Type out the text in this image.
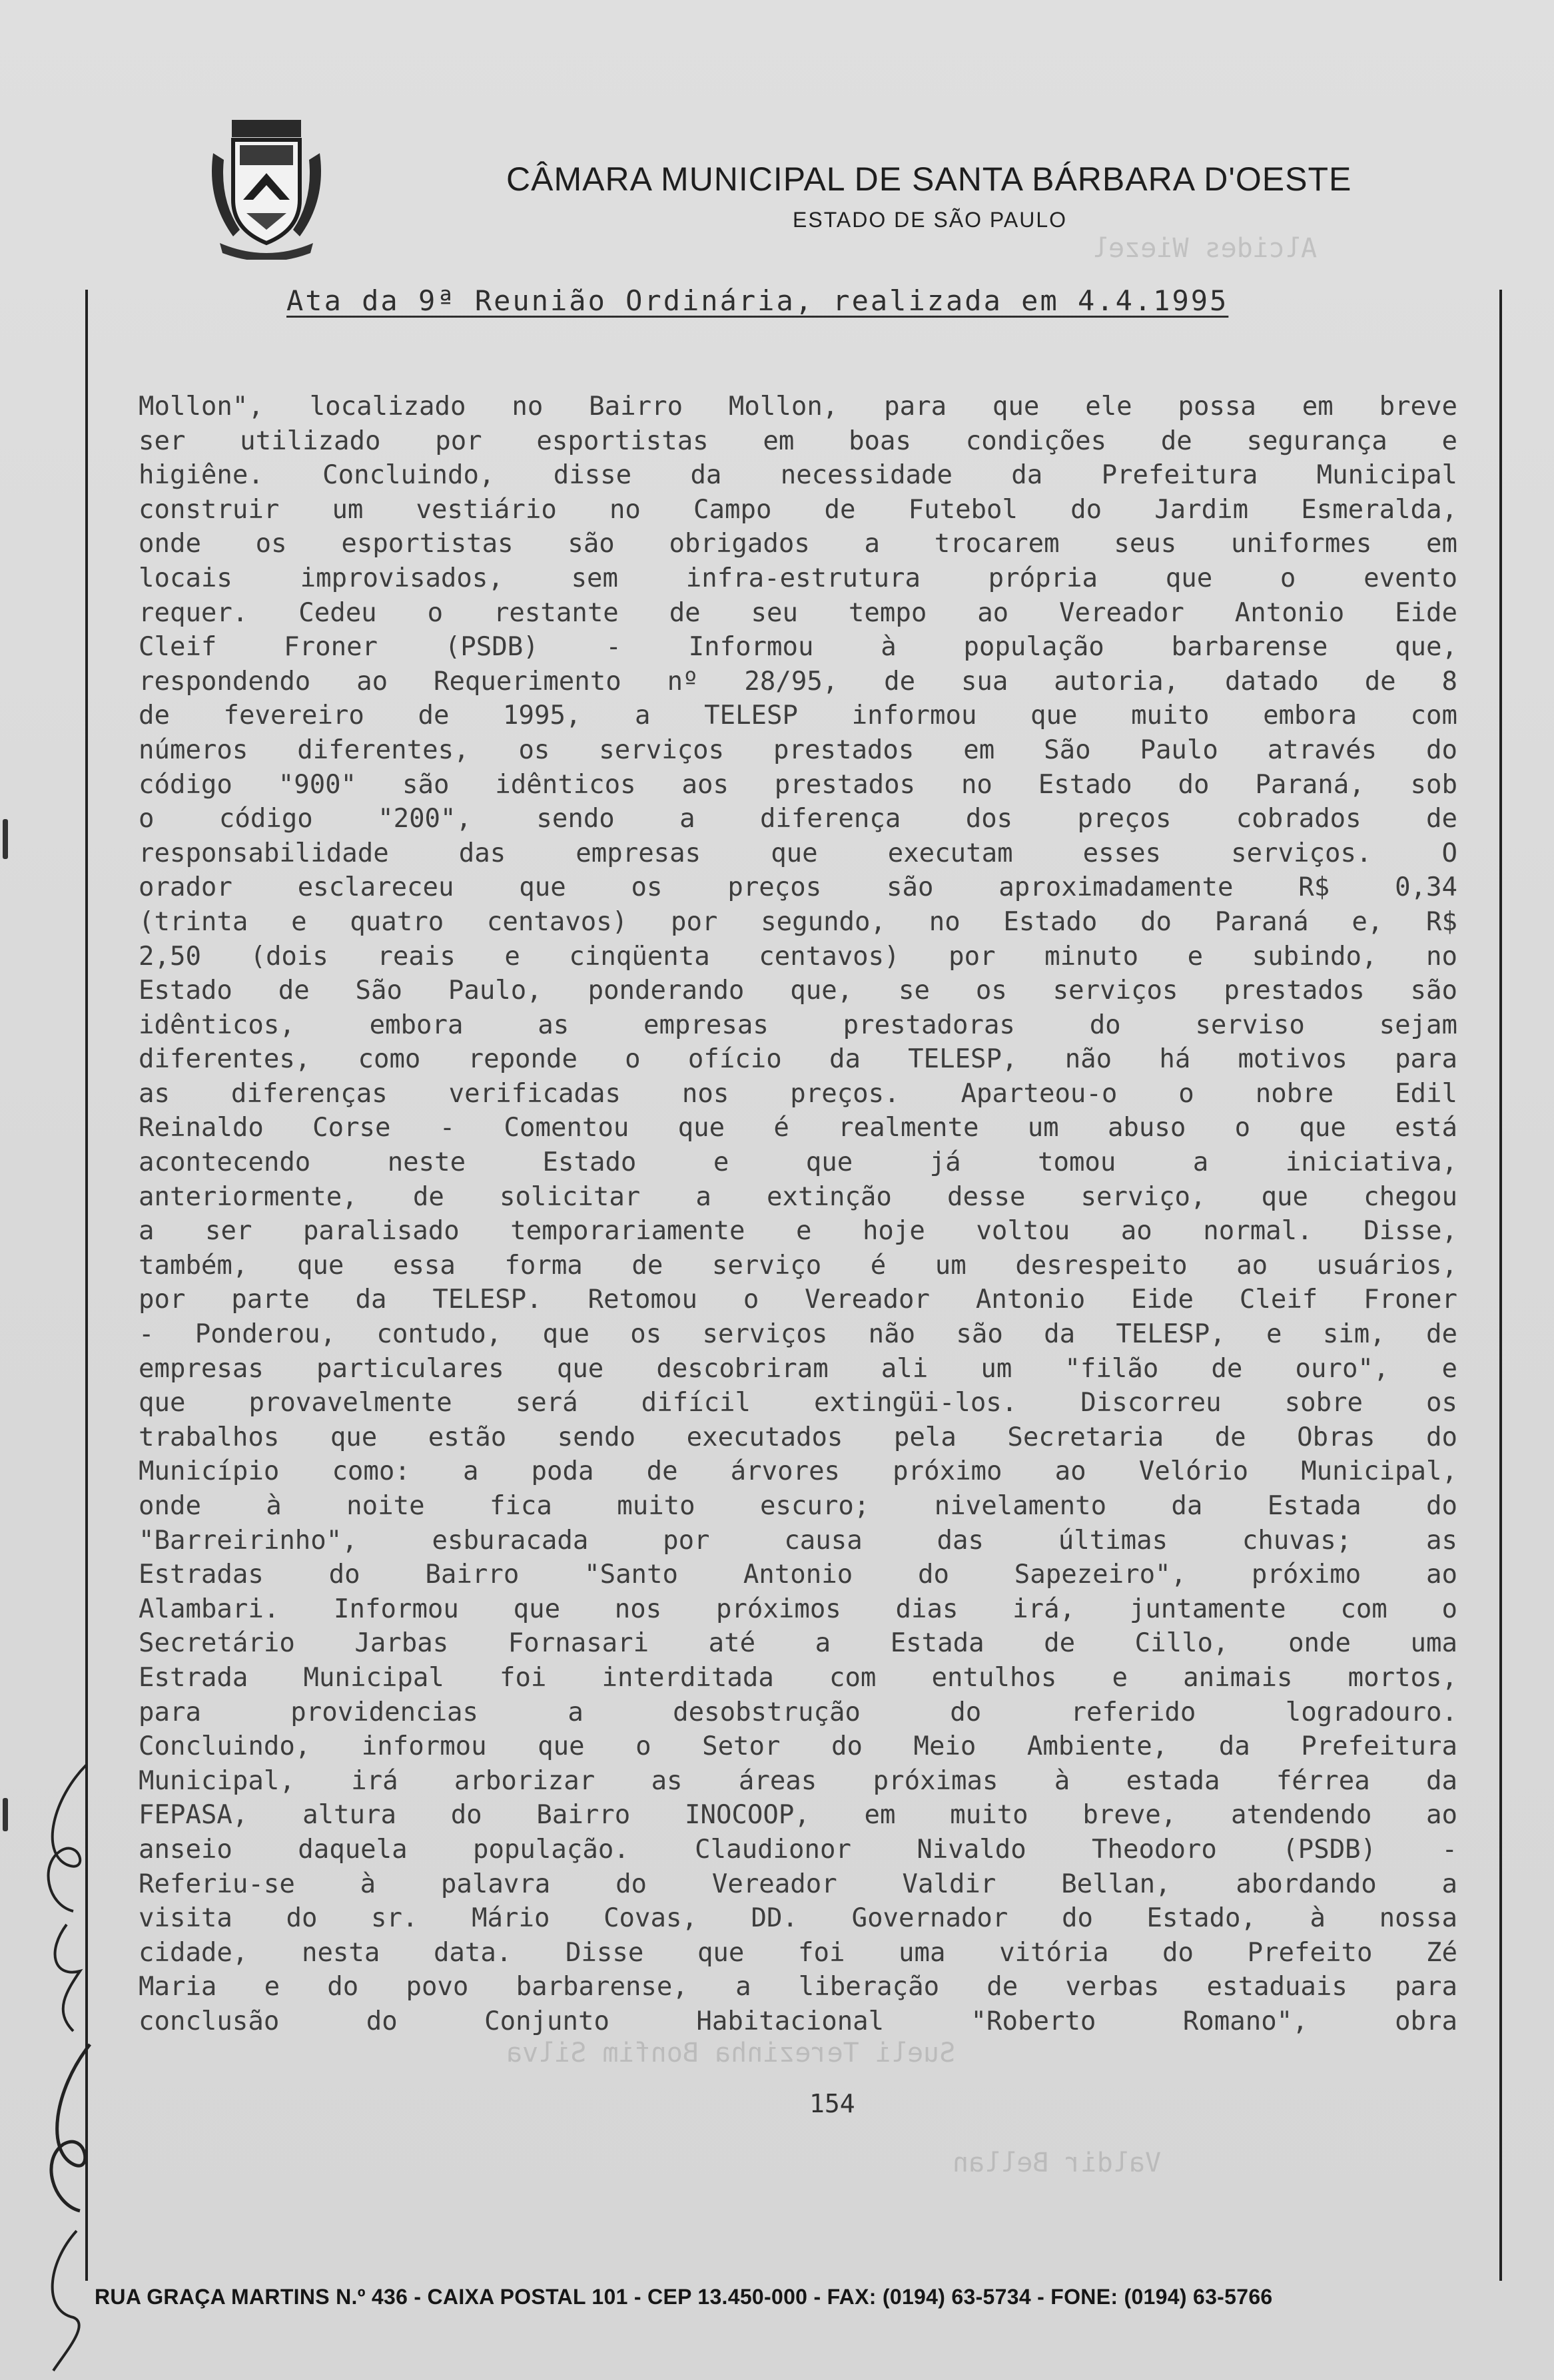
CÂMARA MUNICIPAL DE SANTA BÁRBARA D'OESTE
ESTADO DE SÃO PAULO
Ata da 9ª Reunião Ordinária, realizada em 4.4.1995
Alcides Wiezel
Sueli Terezinha Bonfim Silva
Valdir Bellan
Mollon", localizado no Bairro Mollon, para que ele possa em breve
ser utilizado por esportistas em boas condições de segurança e
higiêne. Concluindo, disse da necessidade da Prefeitura Municipal
construir um vestiário no Campo de Futebol do Jardim Esmeralda,
onde os esportistas são obrigados a trocarem seus uniformes em
locais improvisados, sem infra-estrutura própria que o evento
requer. Cedeu o restante de seu tempo ao Vereador Antonio Eide
Cleif Froner (PSDB) - Informou à população barbarense que,
respondendo ao Requerimento nº 28/95, de sua autoria, datado de 8
de fevereiro de 1995, a TELESP informou que muito embora com
números diferentes, os serviços prestados em São Paulo através do
código "900" são idênticos aos prestados no Estado do Paraná, sob
o código "200", sendo a diferença dos preços cobrados de
responsabilidade das empresas que executam esses serviços. O
orador esclareceu que os preços são aproximadamente R$ 0,34
(trinta e quatro centavos) por segundo, no Estado do Paraná e, R$
2,50 (dois reais e cinqüenta centavos) por minuto e subindo, no
Estado de São Paulo, ponderando que, se os serviços prestados são
idênticos, embora as empresas prestadoras do serviso sejam
diferentes, como reponde o ofício da TELESP, não há motivos para
as diferenças verificadas nos preços. Aparteou-o o nobre Edil
Reinaldo Corse - Comentou que é realmente um abuso o que está
acontecendo neste Estado e que já tomou a iniciativa,
anteriormente, de solicitar a extinção desse serviço, que chegou
a ser paralisado temporariamente e hoje voltou ao normal. Disse,
também, que essa forma de serviço é um desrespeito ao usuários,
por parte da TELESP. Retomou o Vereador Antonio Eide Cleif Froner
- Ponderou, contudo, que os serviços não são da TELESP, e sim, de
empresas particulares que descobriram ali um "filão de ouro", e
que provavelmente será difícil extingüi-los. Discorreu sobre os
trabalhos que estão sendo executados pela Secretaria de Obras do
Município como: a poda de árvores próximo ao Velório Municipal,
onde à noite fica muito escuro; nivelamento da Estada do
"Barreirinho", esburacada por causa das últimas chuvas; as
Estradas do Bairro "Santo Antonio do Sapezeiro", próximo ao
Alambari. Informou que nos próximos dias irá, juntamente com o
Secretário Jarbas Fornasari até a Estada de Cillo, onde uma
Estrada Municipal foi interditada com entulhos e animais mortos,
para providencias a desobstrução do referido logradouro.
Concluindo, informou que o Setor do Meio Ambiente, da Prefeitura
Municipal, irá arborizar as áreas próximas à estada férrea da
FEPASA, altura do Bairro INOCOOP, em muito breve, atendendo ao
anseio daquela população. Claudionor Nivaldo Theodoro (PSDB) -
Referiu-se à palavra do Vereador Valdir Bellan, abordando a
visita do sr. Mário Covas, DD. Governador do Estado, à nossa
cidade, nesta data. Disse que foi uma vitória do Prefeito Zé
Maria e do povo barbarense, a liberação de verbas estaduais para
conclusão do Conjunto Habitacional "Roberto Romano", obra
154
RUA GRAÇA MARTINS N.º 436 - CAIXA POSTAL 101 - CEP 13.450-000 - FAX: (0194) 63-5734 - FONE: (0194) 63-5766
